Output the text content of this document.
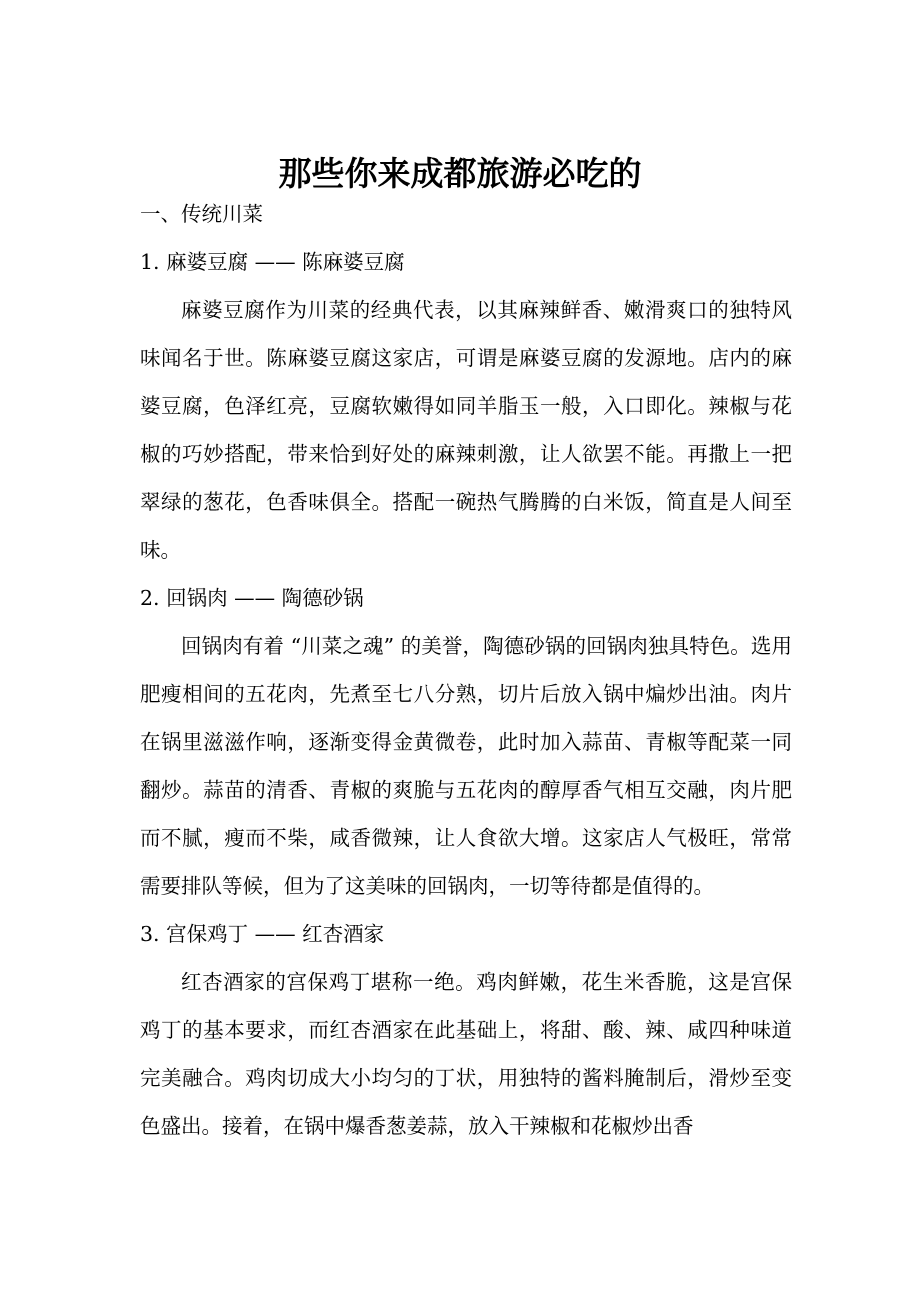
那些你来成都旅游必吃的

一、传统川菜

1. 麻婆豆腐 —— 陈麻婆豆腐

麻婆豆腐作为川菜的经典代表，以其麻辣鲜香、嫩滑爽口的独特风味闻名于世。陈麻婆豆腐这家店，可谓是麻婆豆腐的发源地。店内的麻婆豆腐，色泽红亮，豆腐软嫩得如同羊脂玉一般，入口即化。辣椒与花椒的巧妙搭配，带来恰到好处的麻辣刺激，让人欲罢不能。再撒上一把翠绿的葱花，色香味俱全。搭配一碗热气腾腾的白米饭，简直是人间至味。

2. 回锅肉 —— 陶德砂锅

回锅肉有着 “川菜之魂” 的美誉，陶德砂锅的回锅肉独具特色。选用肥瘦相间的五花肉，先煮至七八分熟，切片后放入锅中煸炒出油。肉片在锅里滋滋作响，逐渐变得金黄微卷，此时加入蒜苗、青椒等配菜一同翻炒。蒜苗的清香、青椒的爽脆与五花肉的醇厚香气相互交融，肉片肥而不腻，瘦而不柴，咸香微辣，让人食欲大增。这家店人气极旺，常常需要排队等候，但为了这美味的回锅肉，一切等待都是值得的。

3. 宫保鸡丁 —— 红杏酒家

红杏酒家的宫保鸡丁堪称一绝。鸡肉鲜嫩，花生米香脆，这是宫保鸡丁的基本要求，而红杏酒家在此基础上，将甜、酸、辣、咸四种味道完美融合。鸡肉切成大小均匀的丁状，用独特的酱料腌制后，滑炒至变色盛出。接着，在锅中爆香葱姜蒜，放入干辣椒和花椒炒出香
